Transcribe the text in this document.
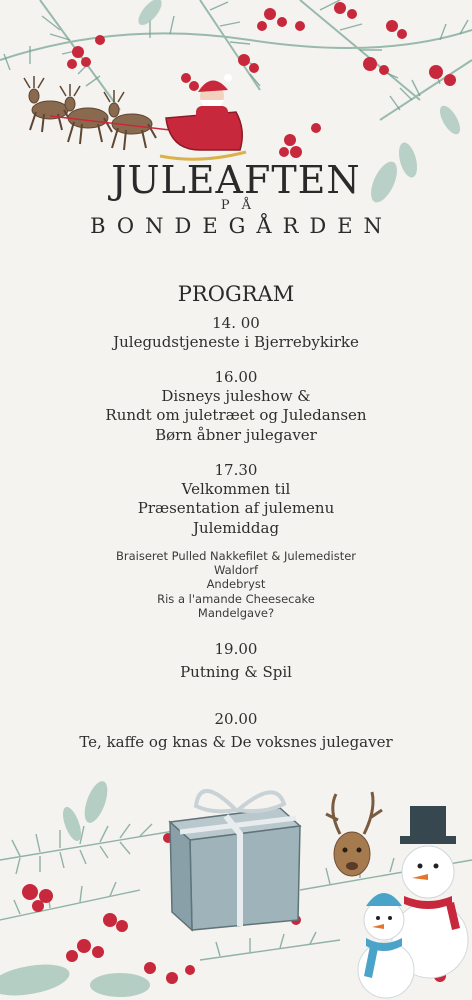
JULEAFTEN
PÅ
BONDEGÅRDEN
PROGRAM
14. 00
Julegudstjeneste i Bjerrebykirke
16.00
Disneys juleshow &
Rundt om juletræet og Juledansen
Børn åbner julegaver
17.30
Velkommen til
Præsentation af julemenu
Julemiddag
Braiseret Pulled Nakkefilet & Julemedister
Waldorf
Andebryst
Ris a l'amande Cheesecake
Mandelgave?
19.00
Putning & Spil
20.00
Te, kaffe og knas & De voksnes julegaver
